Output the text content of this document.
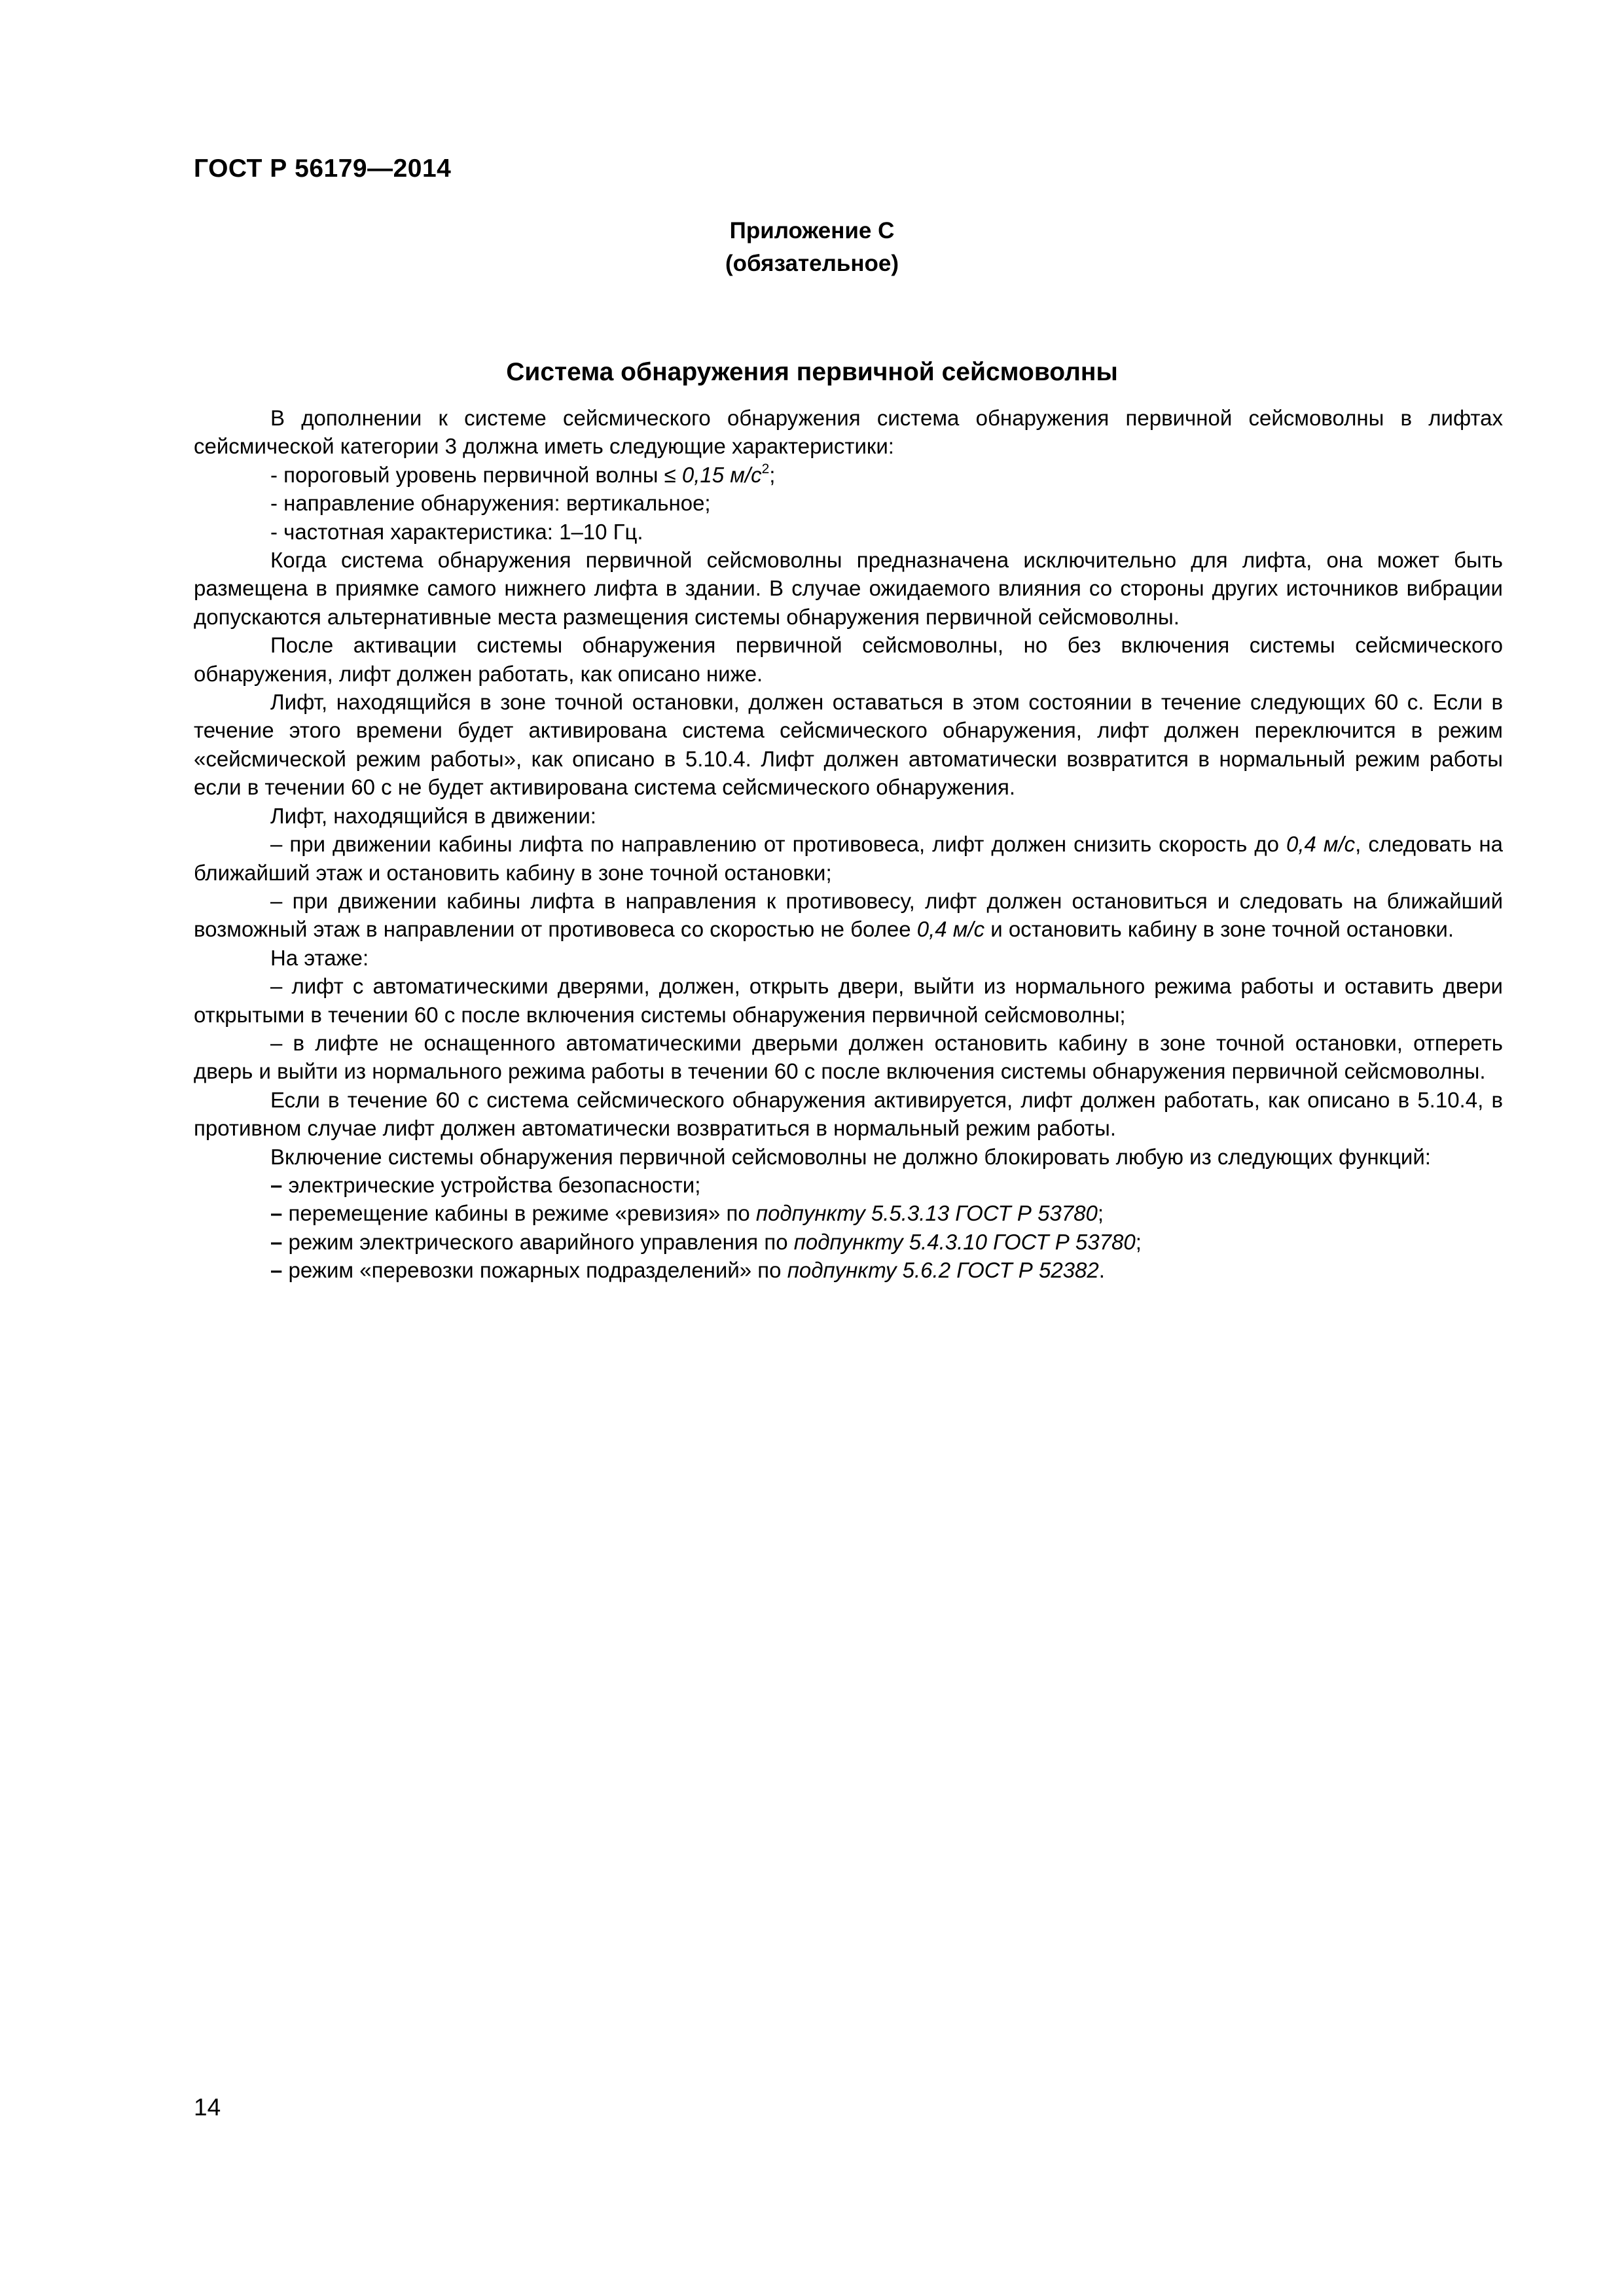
ГОСТ Р 56179—2014
Приложение С
(обязательное)
Система обнаружения первичной сейсмоволны

В дополнении к системе сейсмического обнаружения система обнаружения первичной сейсмоволны в лифтах сейсмической категории 3 должна иметь следующие характеристики:

- пороговый уровень первичной волны ≤ 0,15 $м/с^2$;

- направление обнаружения: вертикальное;

- частотная характеристика: 1–10 Гц.

Когда система обнаружения первичной сейсмоволны предназначена исключительно для лифта, она может быть размещена в приямке самого нижнего лифта в здании. В случае ожидаемого влияния со стороны других источников вибрации допускаются альтернативные места размещения системы обнаружения первичной сейсмоволны.

После активации системы обнаружения первичной сейсмоволны, но без включения системы сейсмического обнаружения, лифт должен работать, как описано ниже.

Лифт, находящийся в зоне точной остановки, должен оставаться в этом состоянии в течение следующих 60 с. Если в течение этого времени будет активирована система сейсмического обнаружения, лифт должен переключится в режим «сейсмической режим работы», как описано в 5.10.4. Лифт должен автоматически возвратится в нормальный режим работы если в течении 60 с не будет активирована система сейсмического обнаружения.

Лифт, находящийся в движении:

– при движении кабины лифта по направлению от противовеса, лифт должен снизить скорость до 0,4 м/с, следовать на ближайший этаж и остановить кабину в зоне точной остановки;

– при движении кабины лифта в направления к противовесу, лифт должен остановиться и следовать на ближайший возможный этаж в направлении от противовеса со скоростью не более 0,4 м/с и остановить кабину в зоне точной остановки.

На этаже:

– лифт с автоматическими дверями, должен, открыть двери, выйти из нормального режима работы и оставить двери открытыми в течении 60 с после включения системы обнаружения первичной сейсмоволны;

– в лифте не оснащенного автоматическими дверьми должен остановить кабину в зоне точной остановки, отпереть дверь и выйти из нормального режима работы в течении 60 с после включения системы обнаружения первичной сейсмоволны.

Если в течение 60 с система сейсмического обнаружения активируется, лифт должен работать, как описано в 5.10.4, в противном случае лифт должен автоматически возвратиться в нормальный режим работы.

Включение системы обнаружения первичной сейсмоволны не должно блокировать любую из следующих функций:

– электрические устройства безопасности;

– перемещение кабины в режиме «ревизия» по подпункту 5.5.3.13 ГОСТ Р 53780;

– режим электрического аварийного управления по подпункту 5.4.3.10 ГОСТ Р 53780;

– режим «перевозки пожарных подразделений» по подпункту 5.6.2 ГОСТ Р 52382.

14
